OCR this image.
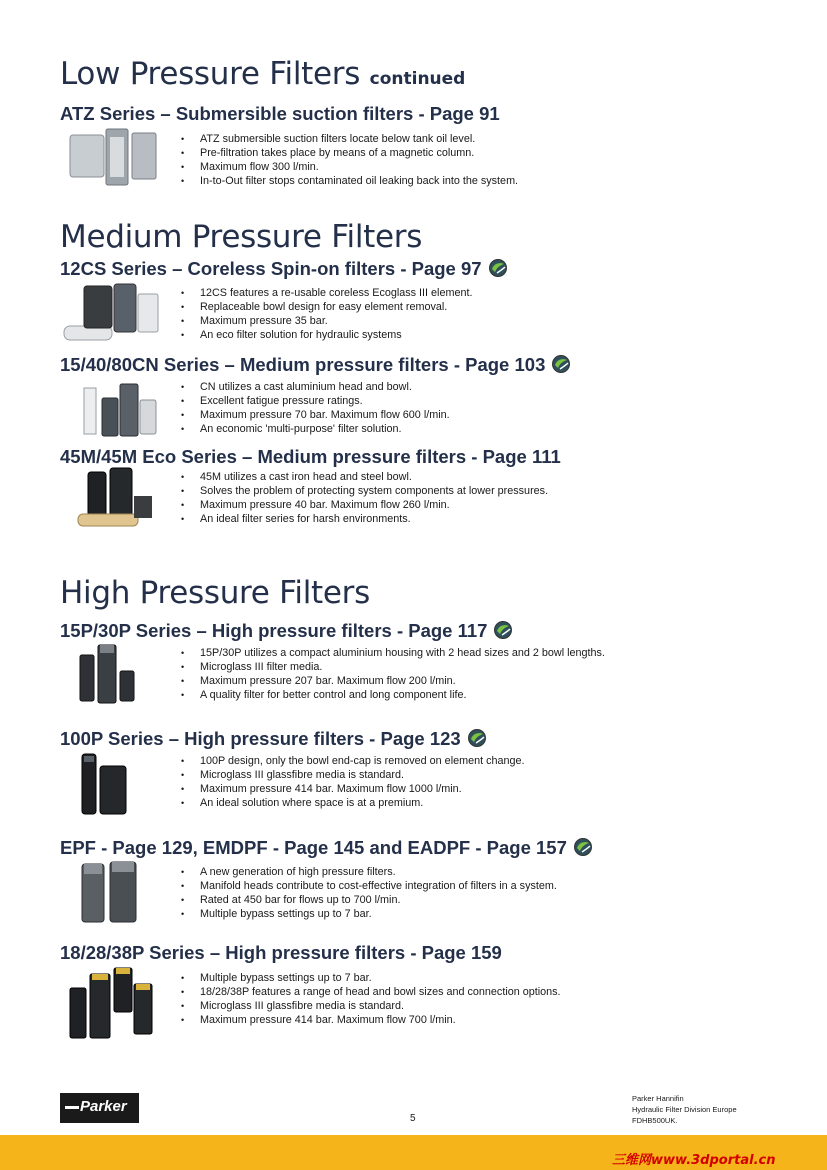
Low Pressure Filters continued
ATZ Series – Submersible suction filters - Page 91
• ATZ submersible suction filters locate below tank oil level.
• Pre-filtration takes place by means of a magnetic column.
• Maximum flow 300 l/min.
• In-to-Out filter stops contaminated oil leaking back into the system.
Medium Pressure Filters
12CS Series – Coreless Spin-on filters - Page 97
• 12CS features a re-usable coreless Ecoglass III element.
• Replaceable bowl design for easy element removal.
• Maximum pressure 35 bar.
• An eco filter solution for hydraulic systems
15/40/80CN Series – Medium pressure filters - Page 103
• CN utilizes a cast aluminium head and bowl.
• Excellent fatigue pressure ratings.
• Maximum pressure 70 bar. Maximum flow 600 l/min.
• An economic 'multi-purpose' filter solution.
45M/45M Eco Series – Medium pressure filters - Page 111
• 45M utilizes a cast iron head and steel bowl.
• Solves the problem of protecting system components at lower pressures.
• Maximum pressure 40 bar. Maximum flow 260 l/min.
• An ideal filter series for harsh environments.
High Pressure Filters
15P/30P Series – High pressure filters - Page 117
• 15P/30P utilizes a compact aluminium housing with 2 head sizes and 2 bowl lengths.
• Microglass III filter media.
• Maximum pressure 207 bar. Maximum flow 200 l/min.
• A quality filter for better control and long component life.
100P Series – High pressure filters - Page 123
• 100P design, only the bowl end-cap is removed on element change.
• Microglass III glassfibre media is standard.
• Maximum pressure 414 bar. Maximum flow 1000 l/min.
• An ideal solution where space is at a premium.
EPF - Page 129, EMDPF - Page 145 and EADPF - Page 157
• A new generation of high pressure filters.
• Manifold heads contribute to cost-effective integration of filters in a system.
• Rated at 450 bar for flows up to 700 l/min.
• Multiple bypass settings up to 7 bar.
18/28/38P Series – High pressure filters - Page 159
• Multiple bypass settings up to 7 bar.
• 18/28/38P features a range of head and bowl sizes and connection options.
• Microglass III glassfibre media is standard.
• Maximum pressure 414 bar. Maximum flow 700 l/min.
Parker
5
Parker Hannifin
Hydraulic Filter Division Europe
FDHB500UK.
三维网www.3dportal.cn
